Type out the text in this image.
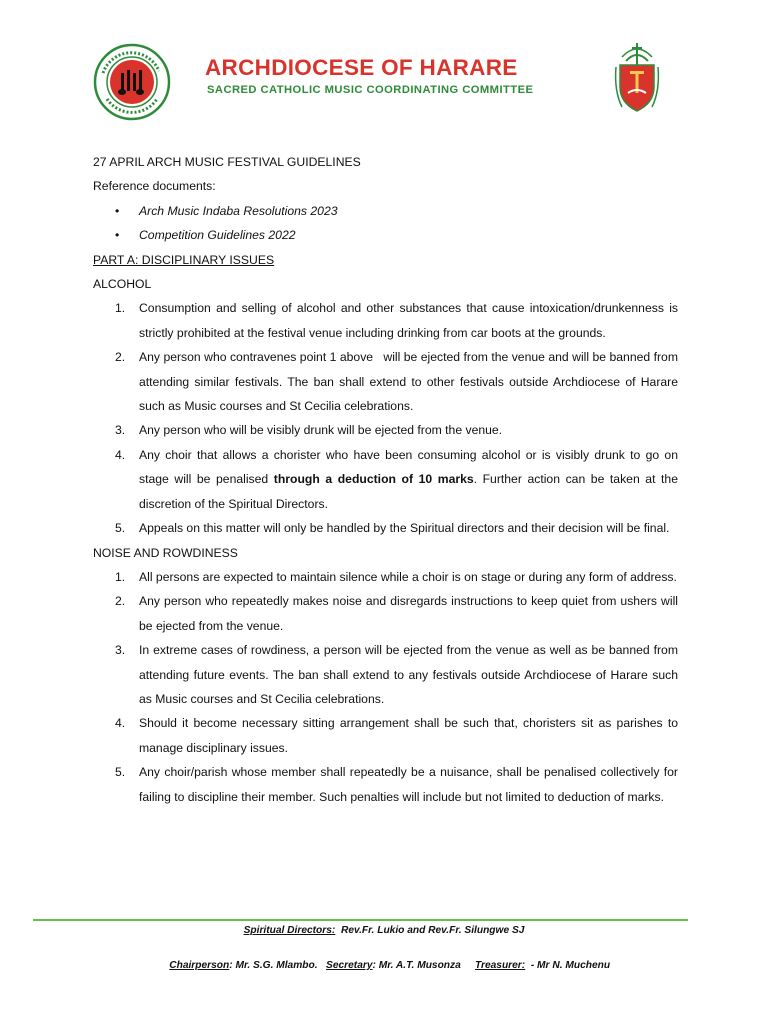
ARCHDIOCESE OF HARARE
SACRED CATHOLIC MUSIC COORDINATING COMMITTEE

27 APRIL ARCH MUSIC FESTIVAL GUIDELINES

Reference documents:

• Arch Music Indaba Resolutions 2023
• Competition Guidelines 2022

PART A: DISCIPLINARY ISSUES

ALCOHOL

1. Consumption and selling of alcohol and other substances that cause intoxication/drunkenness is strictly prohibited at the festival venue including drinking from car boots at the grounds.
2. Any person who contravenes point 1 above   will be ejected from the venue and will be banned from attending similar festivals. The ban shall extend to other festivals outside Archdiocese of Harare such as Music courses and St Cecilia celebrations.
3. Any person who will be visibly drunk will be ejected from the venue.
4. Any choir that allows a chorister who have been consuming alcohol or is visibly drunk to go on stage will be penalised through a deduction of 10 marks. Further action can be taken at the discretion of the Spiritual Directors.
5. Appeals on this matter will only be handled by the Spiritual directors and their decision will be final.

NOISE AND ROWDINESS

1. All persons are expected to maintain silence while a choir is on stage or during any form of address.
2. Any person who repeatedly makes noise and disregards instructions to keep quiet from ushers will be ejected from the venue.
3. In extreme cases of rowdiness, a person will be ejected from the venue as well as be banned from attending future events. The ban shall extend to any festivals outside Archdiocese of Harare such as Music courses and St Cecilia celebrations.
4. Should it become necessary sitting arrangement shall be such that, choristers sit as parishes to manage disciplinary issues.
5. Any choir/parish whose member shall repeatedly be a nuisance, shall be penalised collectively for failing to discipline their member. Such penalties will include but not limited to deduction of marks.
Spiritual Directors:  Rev.Fr. Lukio and Rev.Fr. Silungwe SJ

Chairperson: Mr. S.G. Mlambo.   Secretary: Mr. A.T. Musonza     Treasurer:  - Mr N. Muchenu
